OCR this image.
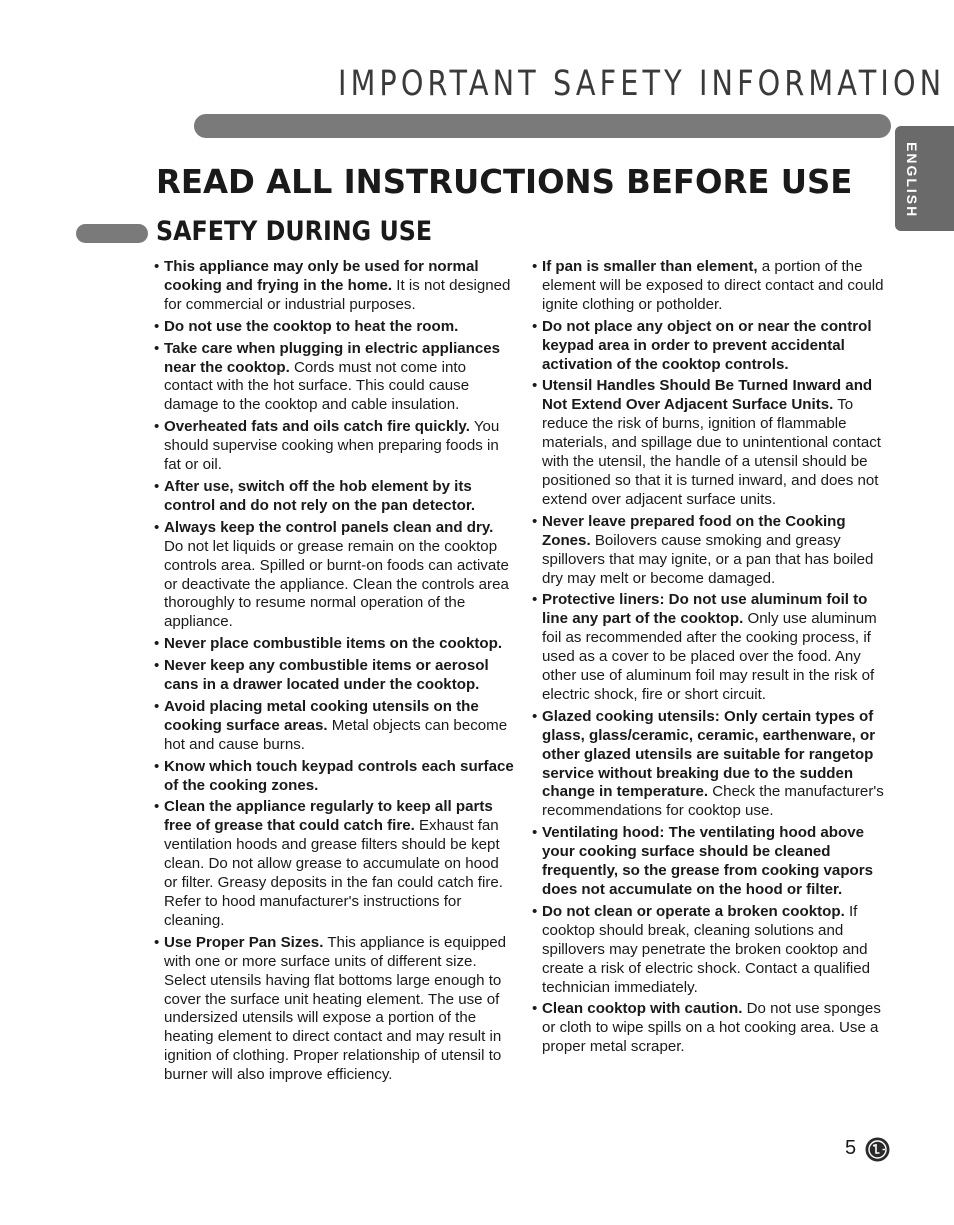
IMPORTANT SAFETY INFORMATION
ENGLISH
READ ALL INSTRUCTIONS BEFORE USE
SAFETY DURING USE
• This appliance may only be used for normal cooking and frying in the home. It is not designed for commercial or industrial purposes.
• Do not use the cooktop to heat the room.
• Take care when plugging in electric appliances near the cooktop. Cords must not come into contact with the hot surface. This could cause damage to the cooktop and cable insulation.
• Overheated fats and oils catch fire quickly. You should supervise cooking when preparing foods in fat or oil.
• After use, switch off the hob element by its control and do not rely on the pan detector.
• Always keep the control panels clean and dry. Do not let liquids or grease remain on the cooktop controls area. Spilled or burnt-on foods can activate or deactivate the appliance. Clean the controls area thoroughly to resume normal operation of the appliance.
• Never place combustible items on the cooktop.
• Never keep any combustible items or aerosol cans in a drawer located under the cooktop.
• Avoid placing metal cooking utensils on the cooking surface areas. Metal objects can become hot and cause burns.
• Know which touch keypad controls each surface of the cooking zones.
• Clean the appliance regularly to keep all parts free of grease that could catch fire. Exhaust fan ventilation hoods and grease filters should be kept clean. Do not allow grease to accumulate on hood or filter. Greasy deposits in the fan could catch fire. Refer to hood manufacturer's instructions for cleaning.
• Use Proper Pan Sizes. This appliance is equipped with one or more surface units of different size. Select utensils having flat bottoms large enough to cover the surface unit heating element. The use of undersized utensils will expose a portion of the heating element to direct contact and may result in ignition of clothing. Proper relationship of utensil to burner will also improve efficiency.
• If pan is smaller than element, a portion of the element will be exposed to direct contact and could ignite clothing or potholder.
• Do not place any object on or near the control keypad area in order to prevent accidental activation of the cooktop controls.
• Utensil Handles Should Be Turned Inward and Not Extend Over Adjacent Surface Units. To reduce the risk of burns, ignition of flammable materials, and spillage due to unintentional contact with the utensil, the handle of a utensil should be positioned so that it is turned inward, and does not extend over adjacent surface units.
• Never leave prepared food on the Cooking Zones. Boilovers cause smoking and greasy spillovers that may ignite, or a pan that has boiled dry may melt or become damaged.
• Protective liners: Do not use aluminum foil to line any part of the cooktop. Only use aluminum foil as recommended after the cooking process, if used as a cover to be placed over the food. Any other use of aluminum foil may result in the risk of electric shock, fire or short circuit.
• Glazed cooking utensils: Only certain types of glass, glass/ceramic, ceramic, earthenware, or other glazed utensils are suitable for rangetop service without breaking due to the sudden change in temperature. Check the manufacturer's recommendations for cooktop use.
• Ventilating hood: The ventilating hood above your cooking surface should be cleaned frequently, so the grease from cooking vapors does not accumulate on the hood or filter.
• Do not clean or operate a broken cooktop. If cooktop should break, cleaning solutions and spillovers may penetrate the broken cooktop and create a risk of electric shock. Contact a qualified technician immediately.
• Clean cooktop with caution. Do not use sponges or cloth to wipe spills on a hot cooking area. Use a proper metal scraper.
5
